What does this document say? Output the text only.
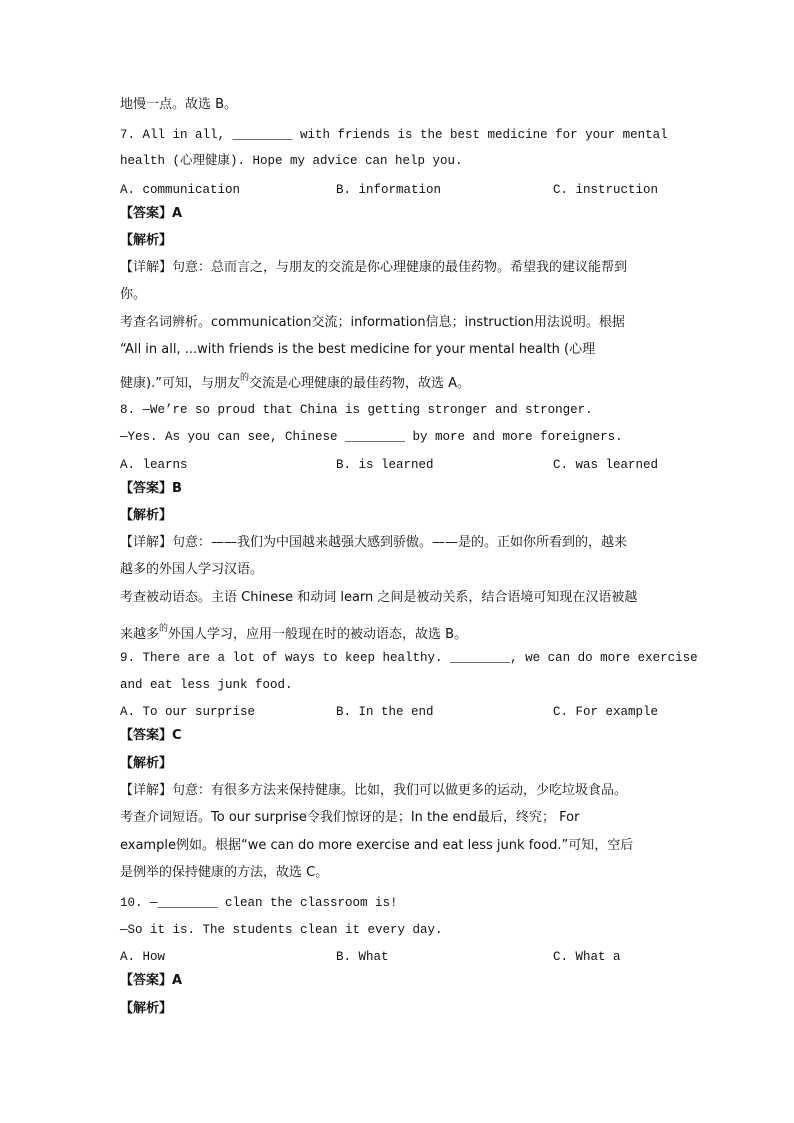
地慢一点。故选 B。
7. All in all, ________ with friends is the best medicine for your mental
health (心理健康). Hope my advice can help you.
A. communication	B. information	C. instruction
【答案】A
【解析】
【详解】句意：总而言之，与朋友的交流是你心理健康的最佳药物。希望我的建议能帮到
你。
考查名词辨析。communication交流；information信息；instruction用法说明。根据
“All in all, ...with friends is the best medicine for your mental health (心理
健康).”可知，与朋友$^的$交流是心理健康的最佳药物，故选 A。
8. —We’re so proud that China is getting stronger and stronger.
—Yes. As you can see, Chinese ________ by more and more foreigners.
A. learns	B. is learned	C. was learned
【答案】B
【解析】
【详解】句意：——我们为中国越来越强大感到骄傲。——是的。正如你所看到的，越来
越多的外国人学习汉语。
考查被动语态。主语 Chinese 和动词 learn 之间是被动关系，结合语境可知现在汉语被越
来越多$^的$外国人学习，应用一般现在时的被动语态，故选 B。
9. There are a lot of ways to keep healthy. ________, we can do more exercise
and eat less junk food.
A. To our surprise	B. In the end	C. For example
【答案】C
【解析】
【详解】句意：有很多方法来保持健康。比如，我们可以做更多的运动，少吃垃圾食品。
考查介词短语。To our surprise令我们惊讶的是；In the end最后，终究； For
example例如。根据“we can do more exercise and eat less junk food.”可知，空后
是例举的保持健康的方法，故选 C。
10. —________ clean the classroom is!
—So it is. The students clean it every day.
A. How	B. What	C. What a
【答案】A
【解析】
